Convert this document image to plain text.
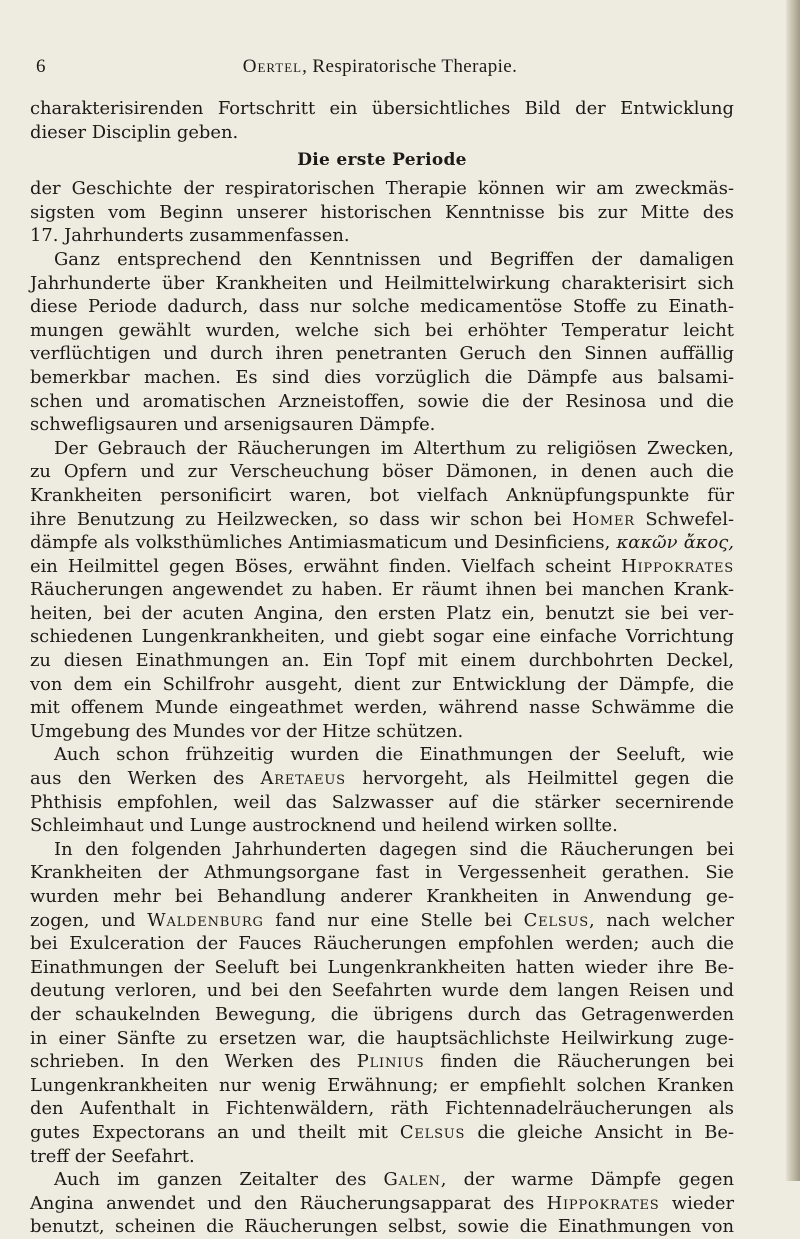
6	Oertel, Respiratorische Therapie.
charakterisirenden Fortschritt ein übersichtliches Bild der Entwicklung
dieser Disciplin geben.
Die erste Periode
der Geschichte der respiratorischen Therapie können wir am zweckmäs-
sigsten vom Beginn unserer historischen Kenntnisse bis zur Mitte des
17. Jahrhunderts zusammenfassen.
Ganz entsprechend den Kenntnissen und Begriffen der damaligen
Jahrhunderte über Krankheiten und Heilmittelwirkung charakterisirt sich
diese Periode dadurch, dass nur solche medicamentöse Stoffe zu Einath-
mungen gewählt wurden, welche sich bei erhöhter Temperatur leicht
verflüchtigen und durch ihren penetranten Geruch den Sinnen auffällig
bemerkbar machen. Es sind dies vorzüglich die Dämpfe aus balsami-
schen und aromatischen Arzneistoffen, sowie die der Resinosa und die
schwefligsauren und arsenigsauren Dämpfe.
Der Gebrauch der Räucherungen im Alterthum zu religiösen Zwecken,
zu Opfern und zur Verscheuchung böser Dämonen, in denen auch die
Krankheiten personificirt waren, bot vielfach Anknüpfungspunkte für
ihre Benutzung zu Heilzwecken, so dass wir schon bei Homer Schwefel-
dämpfe als volksthümliches Antimiasmaticum und Desinficiens, κακῶν ἄκος,
ein Heilmittel gegen Böses, erwähnt finden. Vielfach scheint Hippokrates
Räucherungen angewendet zu haben. Er räumt ihnen bei manchen Krank-
heiten, bei der acuten Angina, den ersten Platz ein, benutzt sie bei ver-
schiedenen Lungenkrankheiten, und giebt sogar eine einfache Vorrichtung
zu diesen Einathmungen an. Ein Topf mit einem durchbohrten Deckel,
von dem ein Schilfrohr ausgeht, dient zur Entwicklung der Dämpfe, die
mit offenem Munde eingeathmet werden, während nasse Schwämme die
Umgebung des Mundes vor der Hitze schützen.
Auch schon frühzeitig wurden die Einathmungen der Seeluft, wie
aus den Werken des Aretaeus hervorgeht, als Heilmittel gegen die
Phthisis empfohlen, weil das Salzwasser auf die stärker secernirende
Schleimhaut und Lunge austrocknend und heilend wirken sollte.
In den folgenden Jahrhunderten dagegen sind die Räucherungen bei
Krankheiten der Athmungsorgane fast in Vergessenheit gerathen. Sie
wurden mehr bei Behandlung anderer Krankheiten in Anwendung ge-
zogen, und Waldenburg fand nur eine Stelle bei Celsus, nach welcher
bei Exulceration der Fauces Räucherungen empfohlen werden; auch die
Einathmungen der Seeluft bei Lungenkrankheiten hatten wieder ihre Be-
deutung verloren, und bei den Seefahrten wurde dem langen Reisen und
der schaukelnden Bewegung, die übrigens durch das Getragenwerden
in einer Sänfte zu ersetzen war, die hauptsächlichste Heilwirkung zuge-
schrieben. In den Werken des Plinius finden die Räucherungen bei
Lungenkrankheiten nur wenig Erwähnung; er empfiehlt solchen Kranken
den Aufenthalt in Fichtenwäldern, räth Fichtennadelräucherungen als
gutes Expectorans an und theilt mit Celsus die gleiche Ansicht in Be-
treff der Seefahrt.
Auch im ganzen Zeitalter des Galen, der warme Dämpfe gegen
Angina anwendet und den Räucherungsapparat des Hippokrates wieder
benutzt, scheinen die Räucherungen selbst, sowie die Einathmungen von
